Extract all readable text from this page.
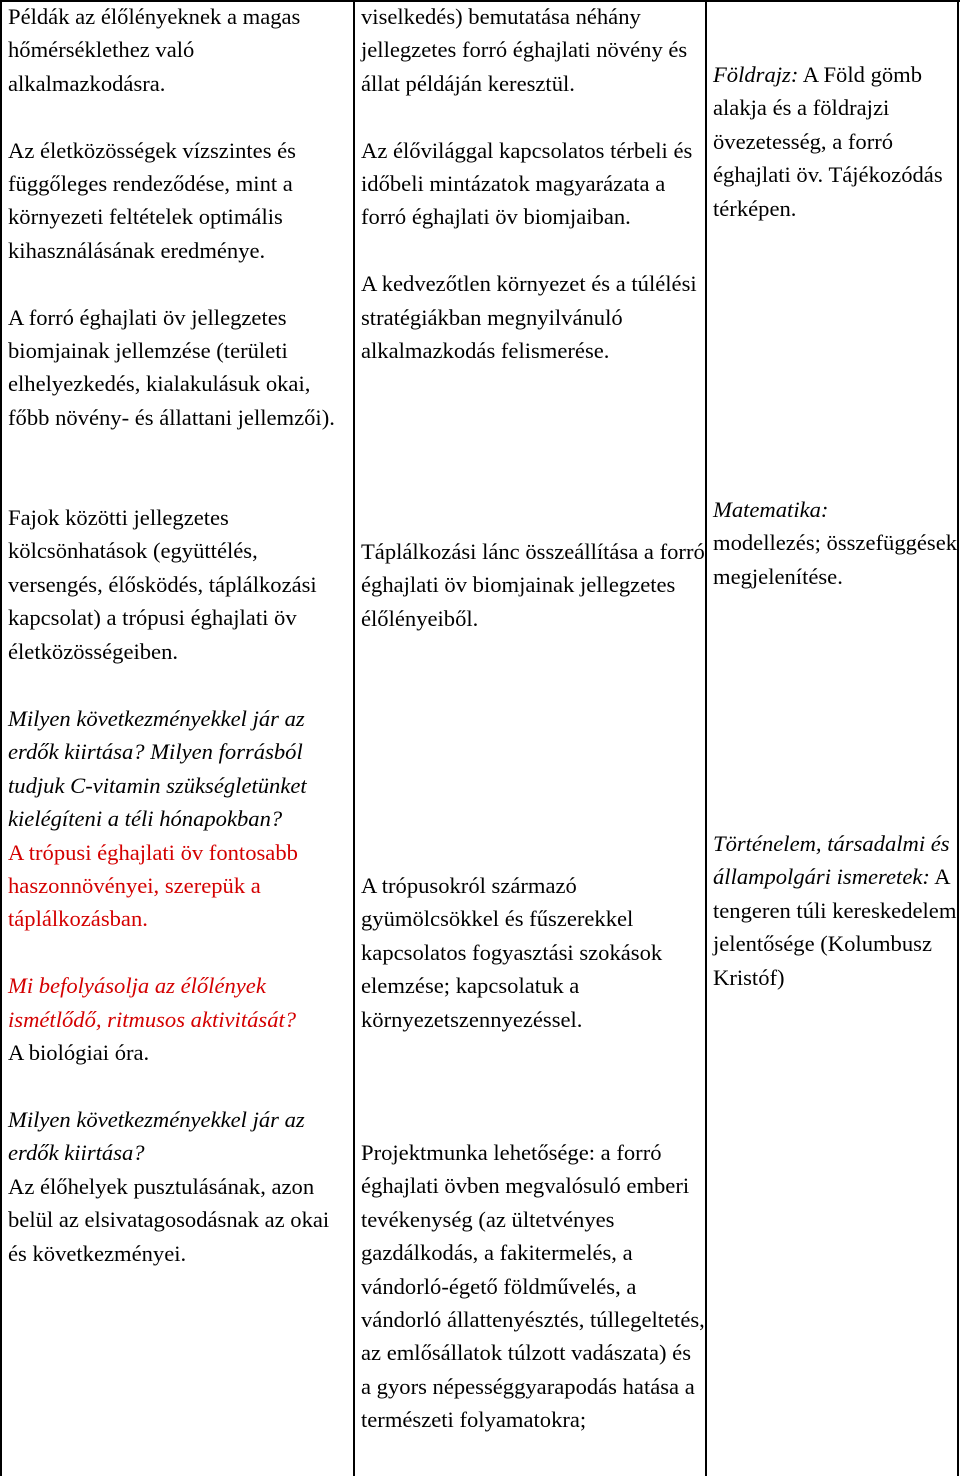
Példák az élőlényeknek a magas hőmérséklethez való alkalmazkodásra.

Az életközösségek vízszintes és függőleges rendeződése, mint a környezeti feltételek optimális kihasználásának eredménye.

A forró éghajlati öv jellegzetes biomjainak jellemzése (területi elhelyezkedés, kialakulásuk okai, főbb növény- és állattani jellemzői).

Fajok közötti jellegzetes kölcsönhatások (együttélés, versengés, élősködés, táplálkozási kapcsolat) a trópusi éghajlati öv életközösségeiben.

Milyen következményekkel jár az erdők kiirtása? Milyen forrásból tudjuk C-vitamin szükségletünket kielégíteni a téli hónapokban?

A trópusi éghajlati öv fontosabb haszonnövényei, szerepük a táplálkozásban.

Mi befolyásolja az élőlények ismétlődő, ritmusos aktivitását?

A biológiai óra.

Milyen következményekkel jár az erdők kiirtása?

Az élőhelyek pusztulásának, azon belül az elsivatagosodásnak az okai és következményei.

viselkedés) bemutatása néhány jellegzetes forró éghajlati növény és állat példáján keresztül.

Az élővilággal kapcsolatos térbeli és időbeli mintázatok magyarázata a forró éghajlati öv biomjaiban.

A kedvezőtlen környezet és a túlélési stratégiákban megnyilvánuló alkalmazkodás felismerése.

Táplálkozási lánc összeállítása a forró éghajlati öv biomjainak jellegzetes élőlényeiből.

A trópusokról származó gyümölcsökkel és fűszerekkel kapcsolatos fogyasztási szokások elemzése; kapcsolatuk a környezetszennyezéssel.

Projektmunka lehetősége: a forró éghajlati övben megvalósuló emberi tevékenység (az ültetvényes gazdálkodás, a fakitermelés, a vándorló-égető földművelés, a vándorló állattenyésztés, túllegeltetés, az emlősállatok túlzott vadászata) és a gyors népességgyarapodás hatása a természeti folyamatokra;

Földrajz: A Föld gömb alakja és a földrajzi övezetesség, a forró éghajlati öv. Tájékozódás térképen.

Matematika:

modellezés; összefüggések megjelenítése.

Történelem, társadalmi és állampolgári ismeretek: A tengeren túli kereskedelem jelentősége (Kolumbusz Kristóf)
